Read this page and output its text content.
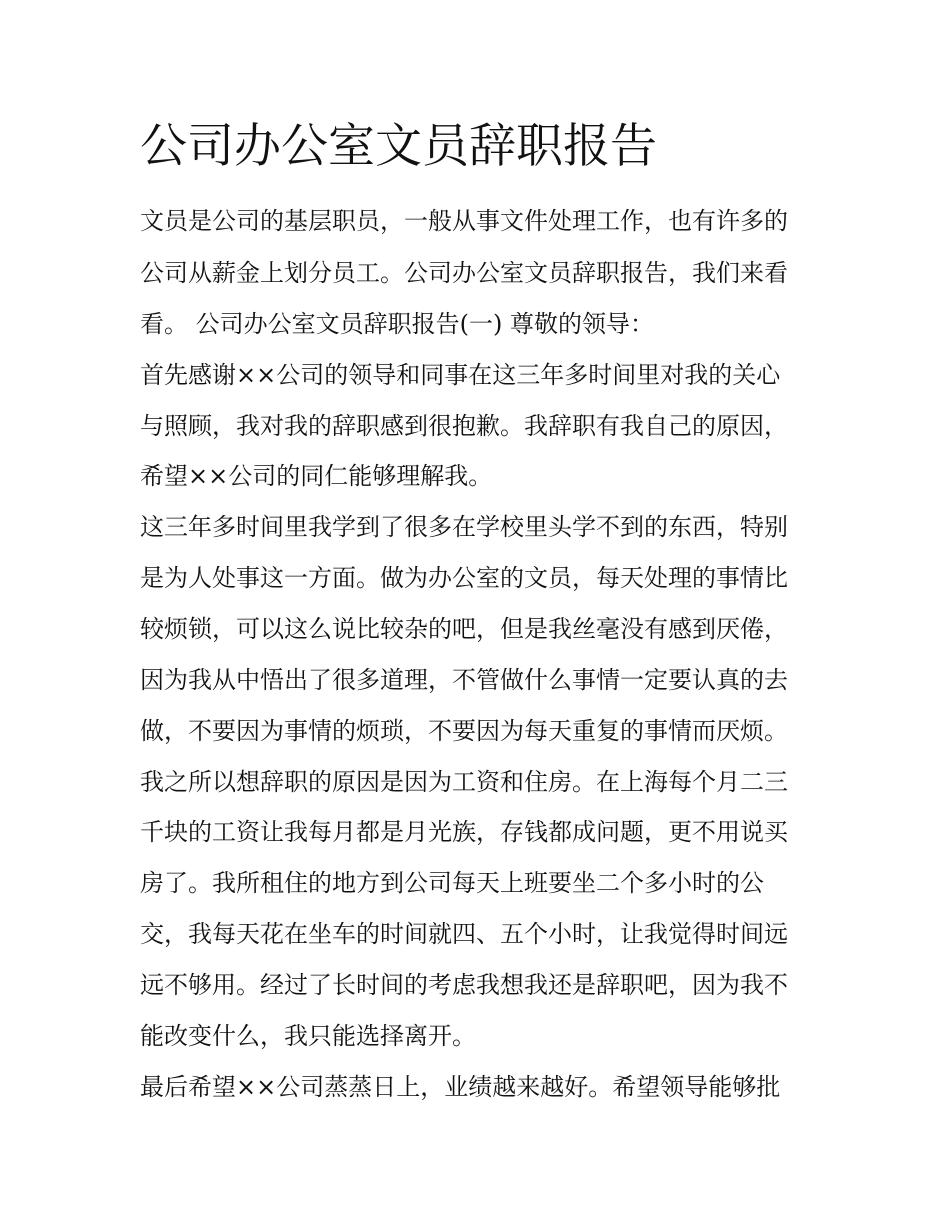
公司办公室文员辞职报告

文员是公司的基层职员，一般从事文件处理工作，也有许多的

公司从薪金上划分员工。公司办公室文员辞职报告，我们来看

看。 公司办公室文员辞职报告(一) 尊敬的领导：

首先感谢××公司的领导和同事在这三年多时间里对我的关心

与照顾，我对我的辞职感到很抱歉。我辞职有我自己的原因，

希望××公司的同仁能够理解我。

这三年多时间里我学到了很多在学校里头学不到的东西，特别

是为人处事这一方面。做为办公室的文员，每天处理的事情比

较烦锁，可以这么说比较杂的吧，但是我丝毫没有感到厌倦，

因为我从中悟出了很多道理，不管做什么事情一定要认真的去

做，不要因为事情的烦琐，不要因为每天重复的事情而厌烦。

我之所以想辞职的原因是因为工资和住房。在上海每个月二三

千块的工资让我每月都是月光族，存钱都成问题，更不用说买

房了。我所租住的地方到公司每天上班要坐二个多小时的公

交，我每天花在坐车的时间就四、五个小时，让我觉得时间远

远不够用。经过了长时间的考虑我想我还是辞职吧，因为我不

能改变什么，我只能选择离开。

最后希望××公司蒸蒸日上，业绩越来越好。希望领导能够批
